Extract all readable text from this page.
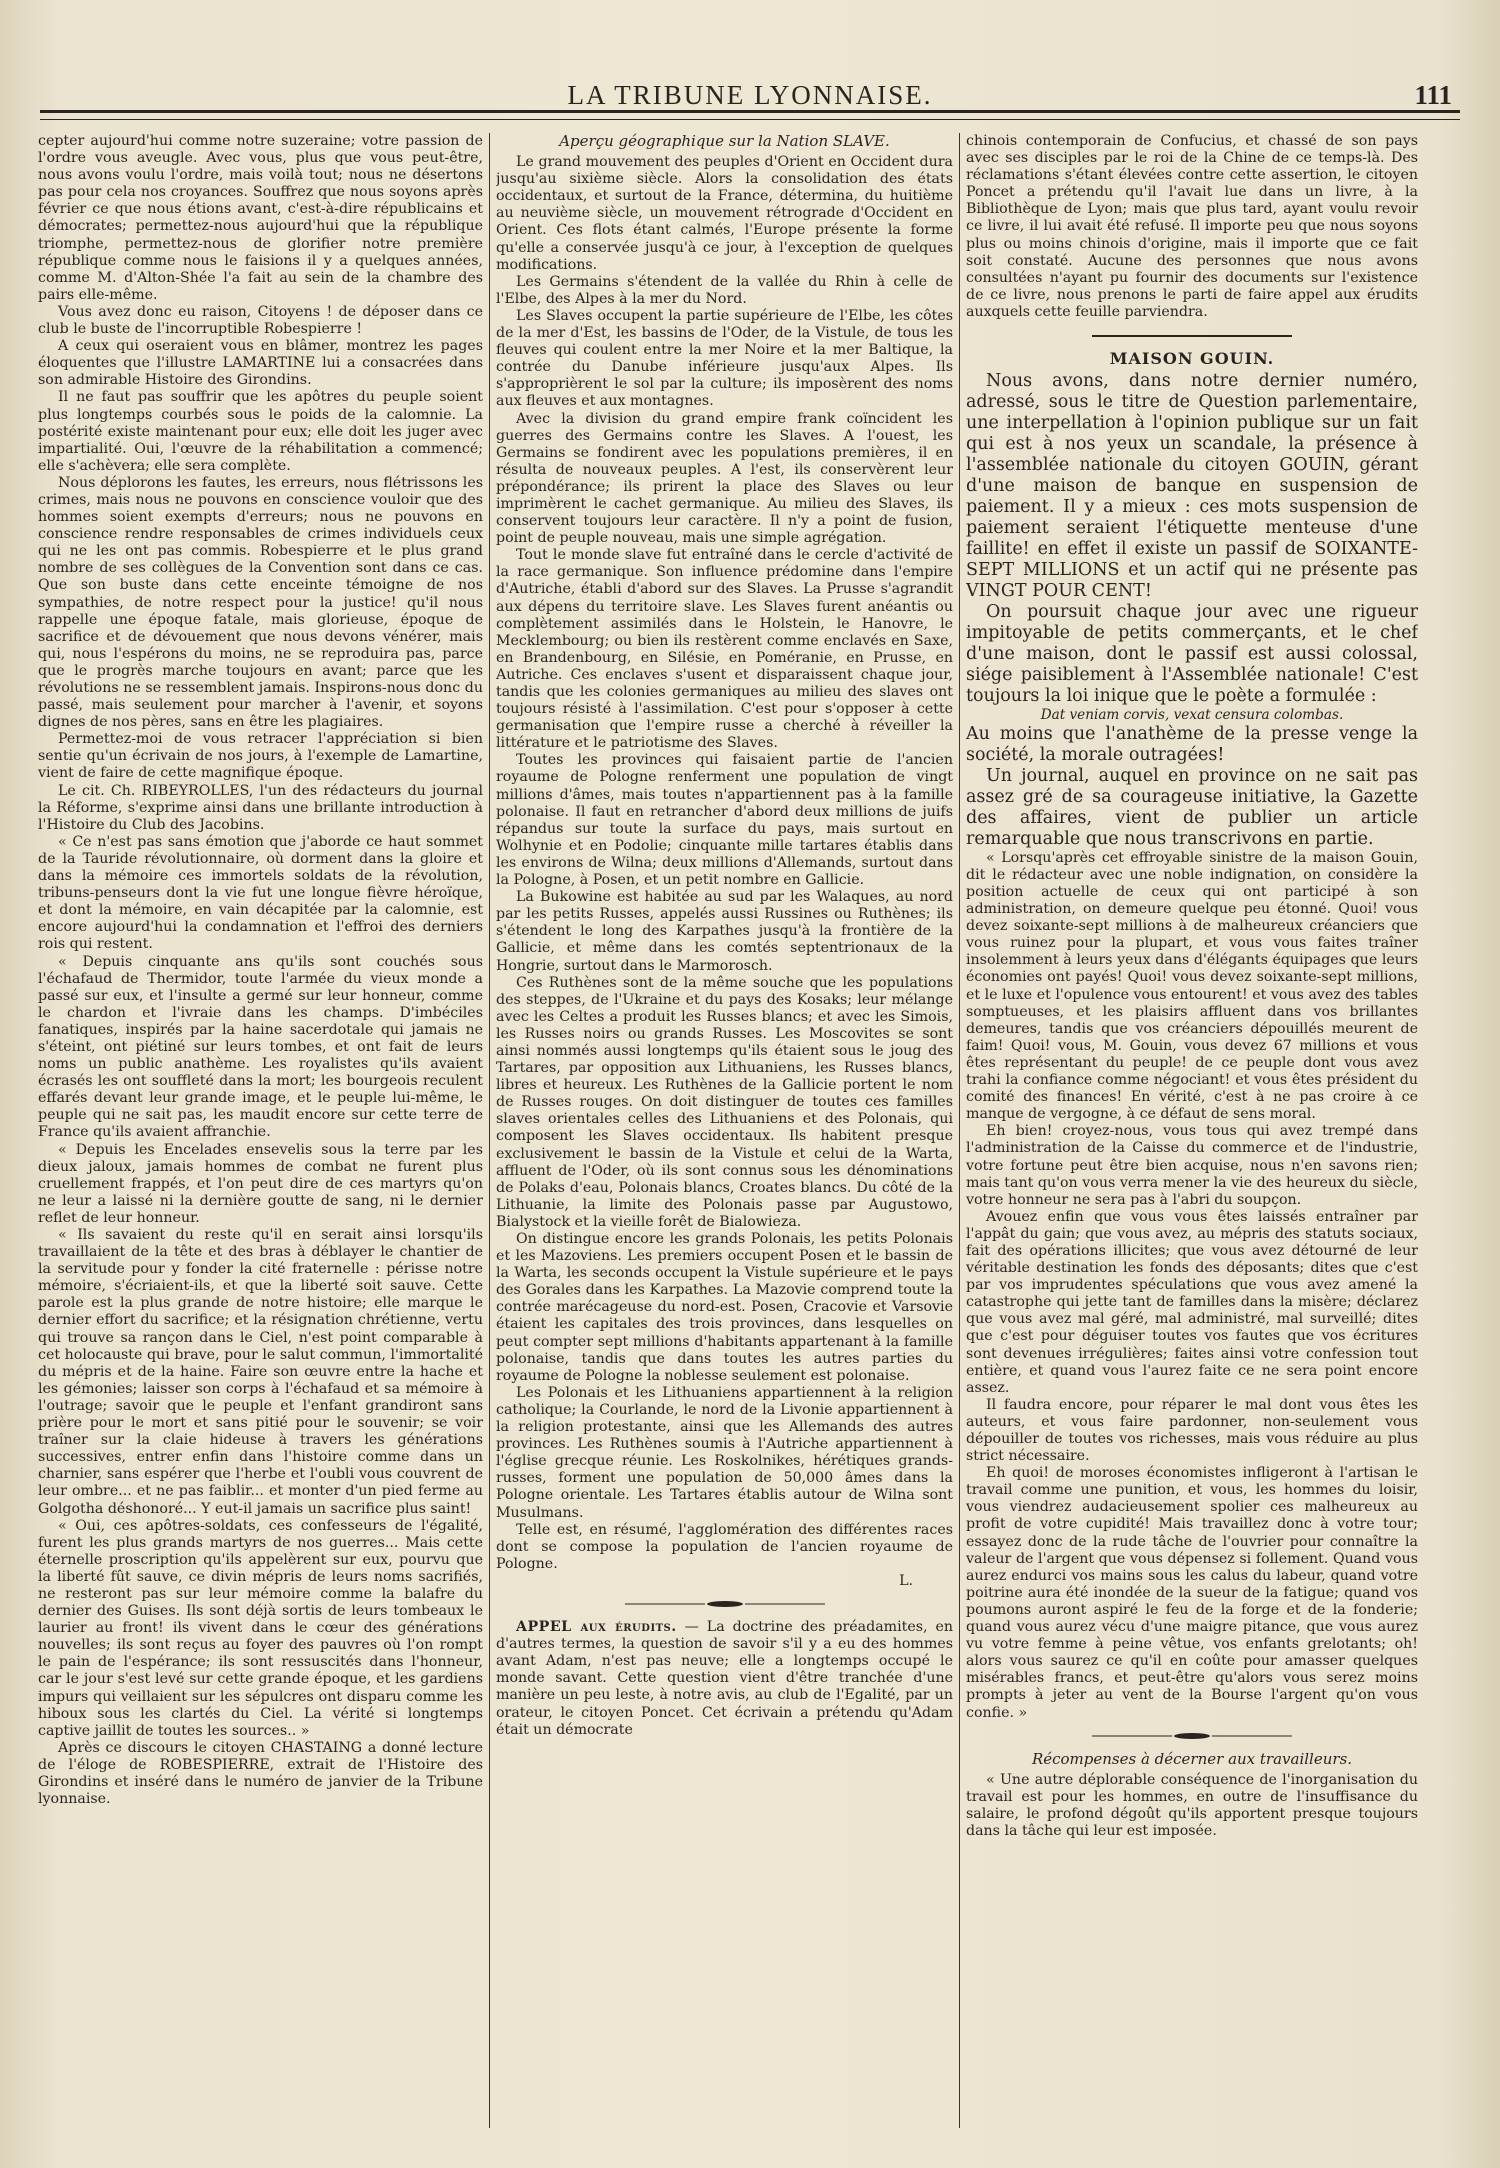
LA TRIBUNE LYONNAISE.	111

cepter aujourd'hui comme notre suzeraine; votre passion de l'ordre vous aveugle. Avec vous, plus que vous peut-être, nous avons voulu l'ordre, mais voilà tout; nous ne désertons pas pour cela nos croyances. Souffrez que nous soyons après février ce que nous étions avant, c'est-à-dire républicains et démocrates; permettez-nous aujourd'hui que la république triomphe, permettez-nous de glorifier notre première république comme nous le faisions il y a quelques années, comme M. d'Alton-Shée l'a fait au sein de la chambre des pairs elle-même.

Vous avez donc eu raison, Citoyens ! de déposer dans ce club le buste de l'incorruptible Robespierre !

A ceux qui oseraient vous en blâmer, montrez les pages éloquentes que l'illustre LAMARTINE lui a consacrées dans son admirable Histoire des Girondins.

Il ne faut pas souffrir que les apôtres du peuple soient plus longtemps courbés sous le poids de la calomnie. La postérité existe maintenant pour eux; elle doit les juger avec impartialité. Oui, l'œuvre de la réhabilitation a commencé; elle s'achèvera; elle sera complète.

Nous déplorons les fautes, les erreurs, nous flétrissons les crimes, mais nous ne pouvons en conscience vouloir que des hommes soient exempts d'erreurs; nous ne pouvons en conscience rendre responsables de crimes individuels ceux qui ne les ont pas commis. Robespierre et le plus grand nombre de ses collègues de la Convention sont dans ce cas. Que son buste dans cette enceinte témoigne de nos sympathies, de notre respect pour la justice! qu'il nous rappelle une époque fatale, mais glorieuse, époque de sacrifice et de dévouement que nous devons vénérer, mais qui, nous l'espérons du moins, ne se reproduira pas, parce que le progrès marche toujours en avant; parce que les révolutions ne se ressemblent jamais. Inspirons-nous donc du passé, mais seulement pour marcher à l'avenir, et soyons dignes de nos pères, sans en être les plagiaires.

Permettez-moi de vous retracer l'appréciation si bien sentie qu'un écrivain de nos jours, à l'exemple de Lamartine, vient de faire de cette magnifique époque.

Le cit. Ch. RIBEYROLLES, l'un des rédacteurs du journal la Réforme, s'exprime ainsi dans une brillante introduction à l'Histoire du Club des Jacobins.

« Ce n'est pas sans émotion que j'aborde ce haut sommet de la Tauride révolutionnaire, où dorment dans la gloire et dans la mémoire ces immortels soldats de la révolution, tribuns-penseurs dont la vie fut une longue fièvre héroïque, et dont la mémoire, en vain décapitée par la calomnie, est encore aujourd'hui la condamnation et l'effroi des derniers rois qui restent.

« Depuis cinquante ans qu'ils sont couchés sous l'échafaud de Thermidor, toute l'armée du vieux monde a passé sur eux, et l'insulte a germé sur leur honneur, comme le chardon et l'ivraie dans les champs. D'imbéciles fanatiques, inspirés par la haine sacerdotale qui jamais ne s'éteint, ont piétiné sur leurs tombes, et ont fait de leurs noms un public anathème. Les royalistes qu'ils avaient écrasés les ont souffleté dans la mort; les bourgeois reculent effarés devant leur grande image, et le peuple lui-même, le peuple qui ne sait pas, les maudit encore sur cette terre de France qu'ils avaient affranchie.

« Depuis les Encelades ensevelis sous la terre par les dieux jaloux, jamais hommes de combat ne furent plus cruellement frappés, et l'on peut dire de ces martyrs qu'on ne leur a laissé ni la dernière goutte de sang, ni le dernier reflet de leur honneur.

« Ils savaient du reste qu'il en serait ainsi lorsqu'ils travaillaient de la tête et des bras à déblayer le chantier de la servitude pour y fonder la cité fraternelle : périsse notre mémoire, s'écriaient-ils, et que la liberté soit sauve. Cette parole est la plus grande de notre histoire; elle marque le dernier effort du sacrifice; et la résignation chrétienne, vertu qui trouve sa rançon dans le Ciel, n'est point comparable à cet holocauste qui brave, pour le salut commun, l'immortalité du mépris et de la haine. Faire son œuvre entre la hache et les gémonies; laisser son corps à l'échafaud et sa mémoire à l'outrage; savoir que le peuple et l'enfant grandiront sans prière pour le mort et sans pitié pour le souvenir; se voir traîner sur la claie hideuse à travers les générations successives, entrer enfin dans l'histoire comme dans un charnier, sans espérer que l'herbe et l'oubli vous couvrent de leur ombre... et ne pas faiblir... et monter d'un pied ferme au Golgotha déshonoré... Y eut-il jamais un sacrifice plus saint!

« Oui, ces apôtres-soldats, ces confesseurs de l'égalité, furent les plus grands martyrs de nos guerres... Mais cette éternelle proscription qu'ils appelèrent sur eux, pourvu que la liberté fût sauve, ce divin mépris de leurs noms sacrifiés, ne resteront pas sur leur mémoire comme la balafre du dernier des Guises. Ils sont déjà sortis de leurs tombeaux le laurier au front! ils vivent dans le cœur des générations nouvelles; ils sont reçus au foyer des pauvres où l'on rompt le pain de l'espérance; ils sont ressuscités dans l'honneur, car le jour s'est levé sur cette grande époque, et les gardiens impurs qui veillaient sur les sépulcres ont disparu comme les hiboux sous les clartés du Ciel. La vérité si longtemps captive jaillit de toutes les sources.. »

Après ce discours le citoyen CHASTAING a donné lecture de l'éloge de ROBESPIERRE, extrait de l'Histoire des Girondins et inséré dans le numéro de janvier de la Tribune lyonnaise.

Aperçu géographique sur la Nation SLAVE.

Le grand mouvement des peuples d'Orient en Occident dura jusqu'au sixième siècle. Alors la consolidation des états occidentaux, et surtout de la France, détermina, du huitième au neuvième siècle, un mouvement rétrograde d'Occident en Orient. Ces flots étant calmés, l'Europe présente la forme qu'elle a conservée jusqu'à ce jour, à l'exception de quelques modifications.

Les Germains s'étendent de la vallée du Rhin à celle de l'Elbe, des Alpes à la mer du Nord.

Les Slaves occupent la partie supérieure de l'Elbe, les côtes de la mer d'Est, les bassins de l'Oder, de la Vistule, de tous les fleuves qui coulent entre la mer Noire et la mer Baltique, la contrée du Danube inférieure jusqu'aux Alpes. Ils s'approprièrent le sol par la culture; ils imposèrent des noms aux fleuves et aux montagnes.

Avec la division du grand empire frank coïncident les guerres des Germains contre les Slaves. A l'ouest, les Germains se fondirent avec les populations premières, il en résulta de nouveaux peuples. A l'est, ils conservèrent leur prépondérance; ils prirent la place des Slaves ou leur imprimèrent le cachet germanique. Au milieu des Slaves, ils conservent toujours leur caractère. Il n'y a point de fusion, point de peuple nouveau, mais une simple agrégation.

Tout le monde slave fut entraîné dans le cercle d'activité de la race germanique. Son influence prédomine dans l'empire d'Autriche, établi d'abord sur des Slaves. La Prusse s'agrandit aux dépens du territoire slave. Les Slaves furent anéantis ou complètement assimilés dans le Holstein, le Hanovre, le Mecklembourg; ou bien ils restèrent comme enclavés en Saxe, en Brandenbourg, en Silésie, en Poméranie, en Prusse, en Autriche. Ces enclaves s'usent et disparaissent chaque jour, tandis que les colonies germaniques au milieu des slaves ont toujours résisté à l'assimilation. C'est pour s'opposer à cette germanisation que l'empire russe a cherché à réveiller la littérature et le patriotisme des Slaves.

Toutes les provinces qui faisaient partie de l'ancien royaume de Pologne renferment une population de vingt millions d'âmes, mais toutes n'appartiennent pas à la famille polonaise. Il faut en retrancher d'abord deux millions de juifs répandus sur toute la surface du pays, mais surtout en Wolhynie et en Podolie; cinquante mille tartares établis dans les environs de Wilna; deux millions d'Allemands, surtout dans la Pologne, à Posen, et un petit nombre en Gallicie.

La Bukowine est habitée au sud par les Walaques, au nord par les petits Russes, appelés aussi Russines ou Ruthènes; ils s'étendent le long des Karpathes jusqu'à la frontière de la Gallicie, et même dans les comtés septentrionaux de la Hongrie, surtout dans le Marmorosch.

Ces Ruthènes sont de la même souche que les populations des steppes, de l'Ukraine et du pays des Kosaks; leur mélange avec les Celtes a produit les Russes blancs; et avec les Simois, les Russes noirs ou grands Russes. Les Moscovites se sont ainsi nommés aussi longtemps qu'ils étaient sous le joug des Tartares, par opposition aux Lithuaniens, les Russes blancs, libres et heureux. Les Ruthènes de la Gallicie portent le nom de Russes rouges. On doit distinguer de toutes ces familles slaves orientales celles des Lithuaniens et des Polonais, qui composent les Slaves occidentaux. Ils habitent presque exclusivement le bassin de la Vistule et celui de la Warta, affluent de l'Oder, où ils sont connus sous les dénominations de Polaks d'eau, Polonais blancs, Croates blancs. Du côté de la Lithuanie, la limite des Polonais passe par Augustowo, Bialystock et la vieille forêt de Bialowieza.

On distingue encore les grands Polonais, les petits Polonais et les Mazoviens. Les premiers occupent Posen et le bassin de la Warta, les seconds occupent la Vistule supérieure et le pays des Gorales dans les Karpathes. La Mazovie comprend toute la contrée marécageuse du nord-est. Posen, Cracovie et Varsovie étaient les capitales des trois provinces, dans lesquelles on peut compter sept millions d'habitants appartenant à la famille polonaise, tandis que dans toutes les autres parties du royaume de Pologne la noblesse seulement est polonaise.

Les Polonais et les Lithuaniens appartiennent à la religion catholique; la Courlande, le nord de la Livonie appartiennent à la religion protestante, ainsi que les Allemands des autres provinces. Les Ruthènes soumis à l'Autriche appartiennent à l'église grecque réunie. Les Roskolnikes, hérétiques grands-russes, forment une population de 50,000 âmes dans la Pologne orientale. Les Tartares établis autour de Wilna sont Musulmans.

Telle est, en résumé, l'agglomération des différentes races dont se compose la population de l'ancien royaume de Pologne.

L.

APPEL aux érudits. — La doctrine des préadamites, en d'autres termes, la question de savoir s'il y a eu des hommes avant Adam, n'est pas neuve; elle a longtemps occupé le monde savant. Cette question vient d'être tranchée d'une manière un peu leste, à notre avis, au club de l'Egalité, par un orateur, le citoyen Poncet. Cet écrivain a prétendu qu'Adam était un démocrate

chinois contemporain de Confucius, et chassé de son pays avec ses disciples par le roi de la Chine de ce temps-là. Des réclamations s'étant élevées contre cette assertion, le citoyen Poncet a prétendu qu'il l'avait lue dans un livre, à la Bibliothèque de Lyon; mais que plus tard, ayant voulu revoir ce livre, il lui avait été refusé. Il importe peu que nous soyons plus ou moins chinois d'origine, mais il importe que ce fait soit constaté. Aucune des personnes que nous avons consultées n'ayant pu fournir des documents sur l'existence de ce livre, nous prenons le parti de faire appel aux érudits auxquels cette feuille parviendra.

MAISON GOUIN.

Nous avons, dans notre dernier numéro, adressé, sous le titre de Question parlementaire, une interpellation à l'opinion publique sur un fait qui est à nos yeux un scandale, la présence à l'assemblée nationale du citoyen GOUIN, gérant d'une maison de banque en suspension de paiement. Il y a mieux : ces mots suspension de paiement seraient l'étiquette menteuse d'une faillite! en effet il existe un passif de SOIXANTE-SEPT MILLIONS et un actif qui ne présente pas VINGT POUR CENT!

On poursuit chaque jour avec une rigueur impitoyable de petits commerçants, et le chef d'une maison, dont le passif est aussi colossal, siége paisiblement à l'Assemblée nationale! C'est toujours la loi inique que le poète a formulée :

Dat veniam corvis, vexat censura colombas.

Au moins que l'anathème de la presse venge la société, la morale outragées!

Un journal, auquel en province on ne sait pas assez gré de sa courageuse initiative, la Gazette des affaires, vient de publier un article remarquable que nous transcrivons en partie.

« Lorsqu'après cet effroyable sinistre de la maison Gouin, dit le rédacteur avec une noble indignation, on considère la position actuelle de ceux qui ont participé à son administration, on demeure quelque peu étonné. Quoi! vous devez soixante-sept millions à de malheureux créanciers que vous ruinez pour la plupart, et vous vous faites traîner insolemment à leurs yeux dans d'élégants équipages que leurs économies ont payés! Quoi! vous devez soixante-sept millions, et le luxe et l'opulence vous entourent! et vous avez des tables somptueuses, et les plaisirs affluent dans vos brillantes demeures, tandis que vos créanciers dépouillés meurent de faim! Quoi! vous, M. Gouin, vous devez 67 millions et vous êtes représentant du peuple! de ce peuple dont vous avez trahi la confiance comme négociant! et vous êtes président du comité des finances! En vérité, c'est à ne pas croire à ce manque de vergogne, à ce défaut de sens moral.

Eh bien! croyez-nous, vous tous qui avez trempé dans l'administration de la Caisse du commerce et de l'industrie, votre fortune peut être bien acquise, nous n'en savons rien; mais tant qu'on vous verra mener la vie des heureux du siècle, votre honneur ne sera pas à l'abri du soupçon.

Avouez enfin que vous vous êtes laissés entraîner par l'appât du gain; que vous avez, au mépris des statuts sociaux, fait des opérations illicites; que vous avez détourné de leur véritable destination les fonds des déposants; dites que c'est par vos imprudentes spéculations que vous avez amené la catastrophe qui jette tant de familles dans la misère; déclarez que vous avez mal géré, mal administré, mal surveillé; dites que c'est pour déguiser toutes vos fautes que vos écritures sont devenues irrégulières; faites ainsi votre confession tout entière, et quand vous l'aurez faite ce ne sera point encore assez.

Il faudra encore, pour réparer le mal dont vous êtes les auteurs, et vous faire pardonner, non-seulement vous dépouiller de toutes vos richesses, mais vous réduire au plus strict nécessaire.

Eh quoi! de moroses économistes infligeront à l'artisan le travail comme une punition, et vous, les hommes du loisir, vous viendrez audacieusement spolier ces malheureux au profit de votre cupidité! Mais travaillez donc à votre tour; essayez donc de la rude tâche de l'ouvrier pour connaître la valeur de l'argent que vous dépensez si follement. Quand vous aurez endurci vos mains sous les calus du labeur, quand votre poitrine aura été inondée de la sueur de la fatigue; quand vos poumons auront aspiré le feu de la forge et de la fonderie; quand vous aurez vécu d'une maigre pitance, que vous aurez vu votre femme à peine vêtue, vos enfants grelotants; oh! alors vous saurez ce qu'il en coûte pour amasser quelques misérables francs, et peut-être qu'alors vous serez moins prompts à jeter au vent de la Bourse l'argent qu'on vous confie. »

Récompenses à décerner aux travailleurs.

« Une autre déplorable conséquence de l'inorganisation du travail est pour les hommes, en outre de l'insuffisance du salaire, le profond dégoût qu'ils apportent presque toujours dans la tâche qui leur est imposée.
